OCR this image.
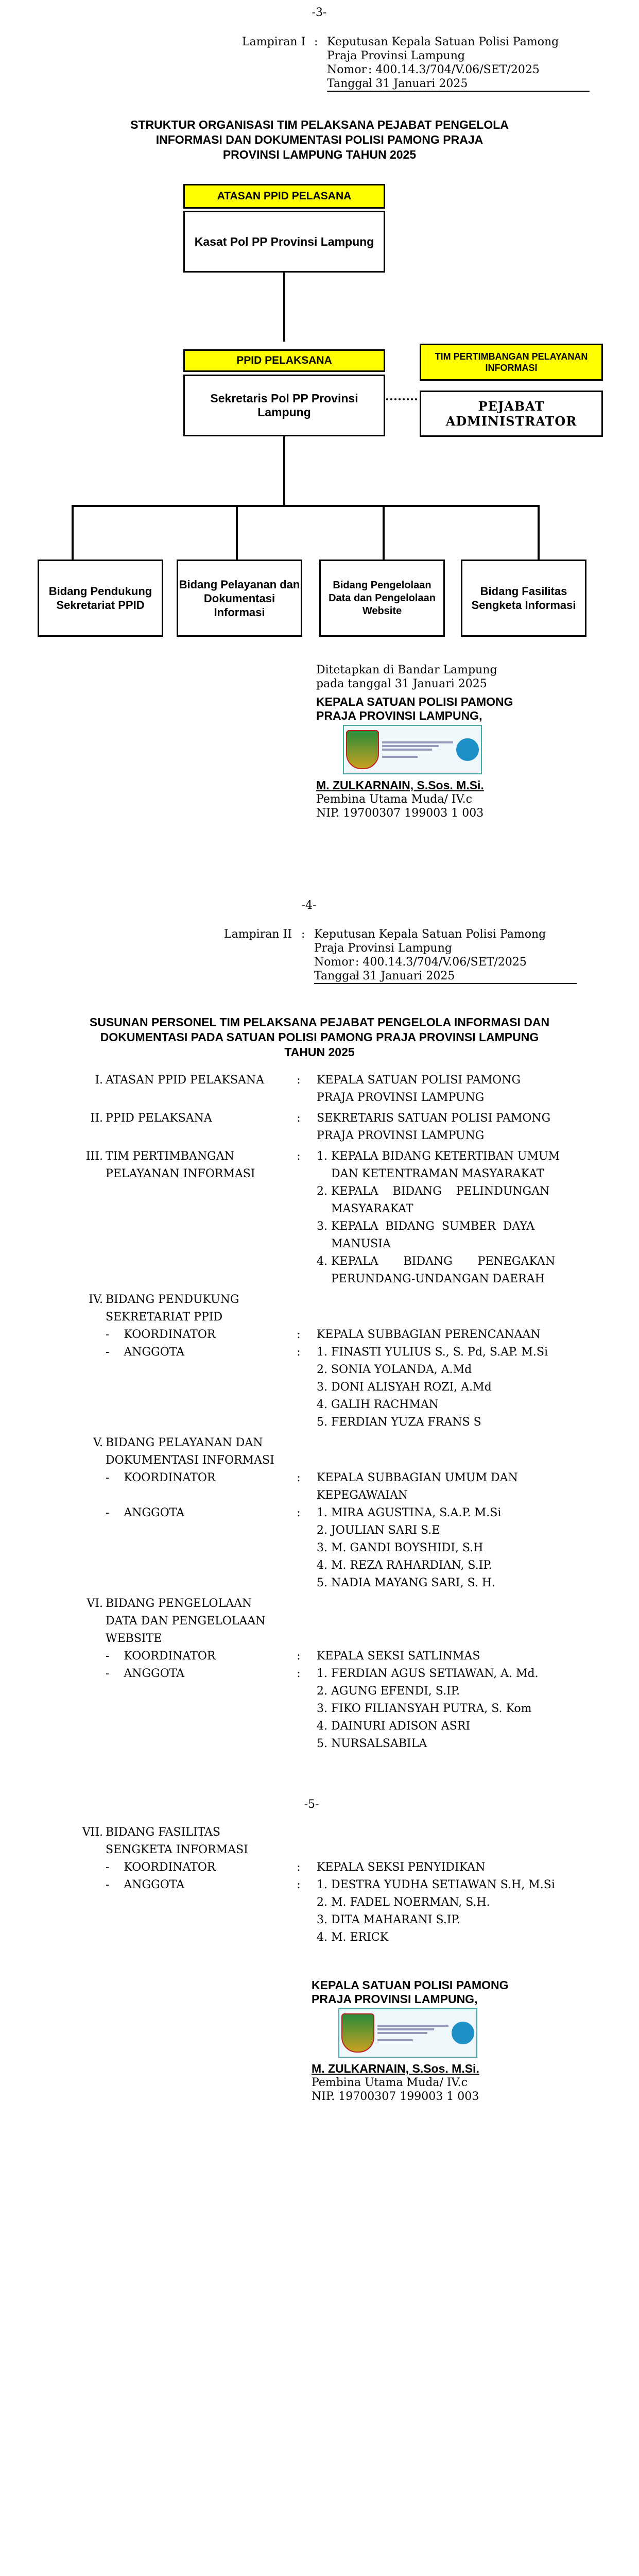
-3-
Lampiran I	:	Keputusan Kepala Satuan Polisi Pamong
		Praja Provinsi Lampung
		Nomor : 400.14.3/704/V.06/SET/2025
		Tanggal: 31 Januari 2025
STRUKTUR ORGANISASI TIM PELAKSANA PEJABAT PENGELOLA
INFORMASI DAN DOKUMENTASI POLISI PAMONG PRAJA
PROVINSI LAMPUNG TAHUN 2025
ATASAN PPID PELASANA
Kasat Pol PP Provinsi Lampung
PPID PELAKSANA
Sekretaris Pol PP Provinsi Lampung
TIM PERTIMBANGAN PELAYANAN INFORMASI
PEJABAT ADMINISTRATOR
Bidang Pendukung Sekretariat PPID
Bidang Pelayanan dan Dokumentasi Informasi
Bidang Pengelolaan Data dan Pengelolaan Website
Bidang Fasilitas Sengketa Informasi
Ditetapkan di Bandar Lampung
pada tanggal 31 Januari 2025
KEPALA SATUAN POLISI PAMONG
PRAJA PROVINSI LAMPUNG,
M. ZULKARNAIN, S.Sos. M.Si.
Pembina Utama Muda/ IV.c
NIP. 19700307 199003 1 003
-4-
Lampiran II	:	Keputusan Kepala Satuan Polisi Pamong
		Praja Provinsi Lampung
		Nomor : 400.14.3/704/V.06/SET/2025
		Tanggal: 31 Januari 2025
SUSUNAN PERSONEL TIM PELAKSANA PEJABAT PENGELOLA INFORMASI DAN
DOKUMENTASI PADA SATUAN POLISI PAMONG PRAJA PROVINSI LAMPUNG
TAHUN 2025
I. ATASAN PPID PELAKSANA	: KEPALA SATUAN POLISI PAMONG
PRAJA PROVINSI LAMPUNG
II. PPID PELAKSANA	: SEKRETARIS SATUAN POLISI PAMONG
PRAJA PROVINSI LAMPUNG
III. TIM PERTIMBANGAN	: 1. KEPALA BIDANG KETERTIBAN UMUM
PELAYANAN INFORMASI	DAN KETENTRAMAN MASYARAKAT
2. KEPALA    BIDANG    PELINDUNGAN
MASYARAKAT
3. KEPALA  BIDANG  SUMBER  DAYA
MANUSIA
4. KEPALA       BIDANG       PENEGAKAN
PERUNDANG-UNDANGAN DAERAH
IV. BIDANG PENDUKUNG
SEKRETARIAT PPID
-    KOORDINATOR	: KEPALA SUBBAGIAN PERENCANAAN
-    ANGGOTA	: 1. FINASTI YULIUS S., S. Pd, S.AP. M.Si
2. SONIA YOLANDA, A.Md
3. DONI ALISYAH ROZI, A.Md
4. GALIH RACHMAN
5. FERDIAN YUZA FRANS S
V. BIDANG PELAYANAN DAN
DOKUMENTASI INFORMASI
-    KOORDINATOR	: KEPALA SUBBAGIAN UMUM DAN
KEPEGAWAIAN
-    ANGGOTA	: 1. MIRA AGUSTINA, S.A.P. M.Si
2. JOULIAN SARI S.E
3. M. GANDI BOYSHIDI, S.H
4. M. REZA RAHARDIAN, S.IP.
5. NADIA MAYANG SARI, S. H.
VI. BIDANG PENGELOLAAN
DATA DAN PENGELOLAAN
WEBSITE
-    KOORDINATOR	: KEPALA SEKSI SATLINMAS
-    ANGGOTA	: 1. FERDIAN AGUS SETIAWAN, A. Md.
2. AGUNG EFENDI, S.IP.
3. FIKO FILIANSYAH PUTRA, S. Kom
4. DAINURI ADISON ASRI
5. NURSALSABILA
-5-
VII. BIDANG FASILITAS
SENGKETA INFORMASI
-    KOORDINATOR	: KEPALA SEKSI PENYIDIKAN
-    ANGGOTA	: 1. DESTRA YUDHA SETIAWAN S.H, M.Si
2. M. FADEL NOERMAN, S.H.
3. DITA MAHARANI S.IP.
4. M. ERICK
KEPALA SATUAN POLISI PAMONG
PRAJA PROVINSI LAMPUNG,
M. ZULKARNAIN, S.Sos. M.Si.
Pembina Utama Muda/ IV.c
NIP. 19700307 199003 1 003
